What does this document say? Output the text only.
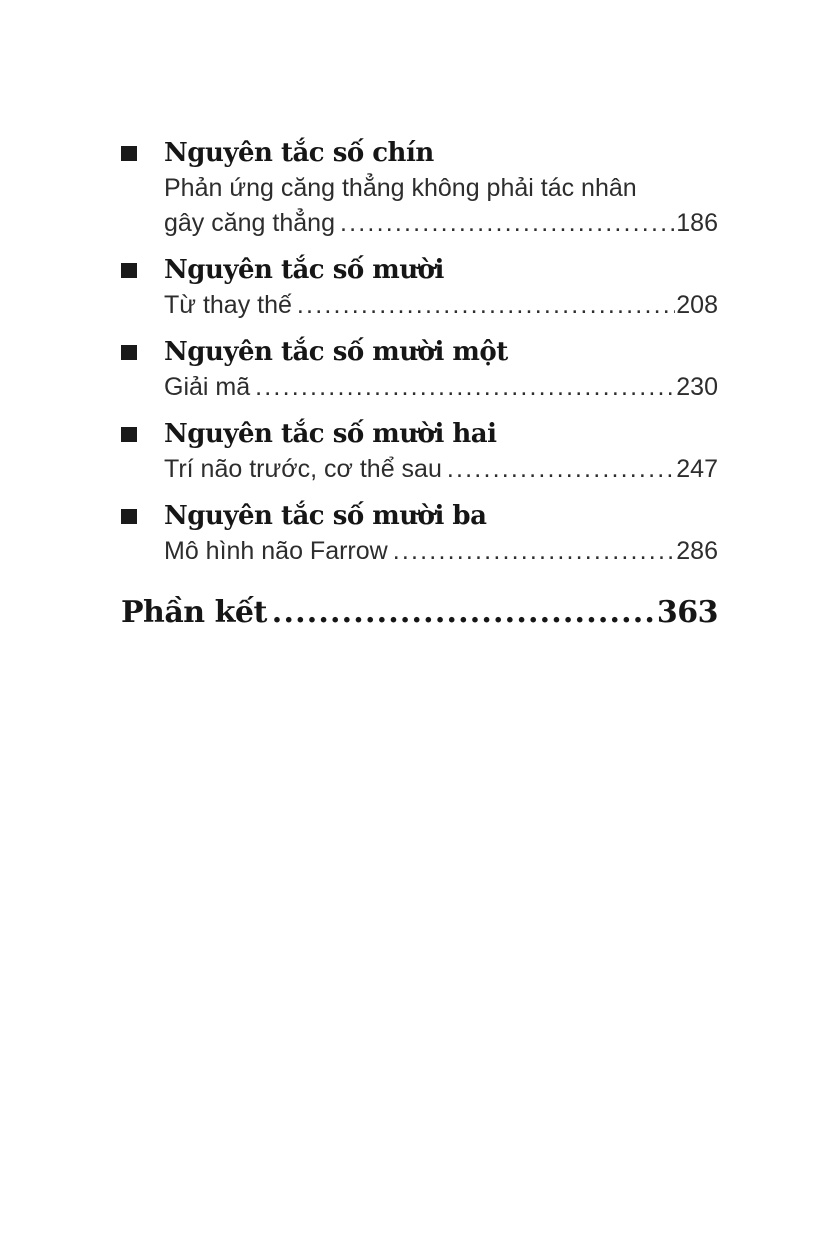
Nguyên tắc số chín
Phản ứng căng thẳng không phải tác nhân
gây căng thẳng .....	186
Nguyên tắc số mười
Từ thay thế .....	208
Nguyên tắc số mười một
Giải mã .....	230
Nguyên tắc số mười hai
Trí não trước, cơ thể sau .....	247
Nguyên tắc số mười ba
Mô hình não Farrow .....	286
Phần kết .....	363
